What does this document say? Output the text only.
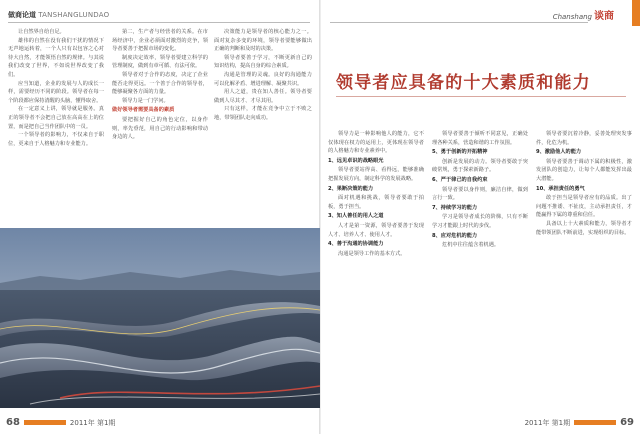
做商论道 TANSHANGLUNDAO	Chanshang 谈商

让自然界自给自足。

雄伟的自然在没有我们干扰的情况下无声地运转着，一个人只有以包容之心对待大自然，才能领悟自然的规律。与其说我们改变了世界，不如说世界改变了我们。

应当知道，企业的发展与人的成长一样，需要经历不同的阶段。领导者在每一个阶段都应保持清醒的头脑，懂得取舍。

在一定意义上讲，领导就是服务。真正的领导者不会把自己放在高高在上的位置，而是把自己当作团队中的一员。

一个领导者的影响力，不仅来自于职位，更来自于人格魅力和专业能力。

第二，生产者与经营者的关系。在市场经济中，企业必须面对激烈的竞争，领导者要善于把握市场的变化。

制度决定效率，领导者要建立科学的管理制度，做到有章可循、有法可依。

领导者对于合作的态度，决定了企业能否走得更远。一个善于合作的领导者，能够凝聚各方面的力量。

领导力是一门学问。

做好领导者需要具备的素质

要把握好自己的角色定位，以身作则，率先垂范，用自己的行动影响和带动身边的人。

决策能力是领导者的核心能力之一。面对复杂多变的环境，领导者要能够做出正确的判断和及时的决策。

领导者要善于学习，不断更新自己的知识结构，提高自身的综合素质。

沟通是管理的灵魂。良好的沟通能力可以化解矛盾、增进理解、凝聚共识。

用人之道，贵在知人善任。领导者要做到人尽其才、才尽其用。

只有这样，才能在竞争中立于不败之地，带领团队走向成功。

领导者应具备的十大素质和能力

领导力是一种影响他人的能力，它不仅体现在权力的运用上，更体现在领导者的人格魅力和专业素养中。

1、远见卓识的战略眼光

领导者要站得高、看得远，能够准确把握发展方向，制定科学的发展战略。

2、果断决策的能力

面对机遇和挑战，领导者要敢于拍板，勇于担当。

3、知人善任的用人之道

人才是第一资源，领导者要善于发现人才、培养人才、使用人才。

4、善于沟通的协调能力

沟通是领导工作的基本方式。

领导者要善于倾听不同意见，正确处理各种关系，营造和谐的工作氛围。

5、勇于创新的开拓精神

创新是发展的动力。领导者要敢于突破常规，勇于探索新路子。

6、严于律己的自我约束

领导者要以身作则，廉洁自律，做到言行一致。

7、持续学习的能力

学习是领导者成长的阶梯，只有不断学习才能跟上时代的步伐。

8、应对危机的能力

危机中往往蕴含着机遇。

领导者要沉着冷静，妥善处理突发事件，化危为机。

9、激励他人的能力

领导者要善于调动下属的积极性，激发团队的创造力，让每个人都能发挥出最大潜能。

10、承担责任的勇气

敢于担当是领导者应有的品质。出了问题不推诿、不扯皮，主动承担责任，才能赢得下属的尊重和信任。

具备以上十大素质和能力，领导者才能带领团队不断前进，实现组织的目标。

68	2011年 第1期	2011年 第1期	69
